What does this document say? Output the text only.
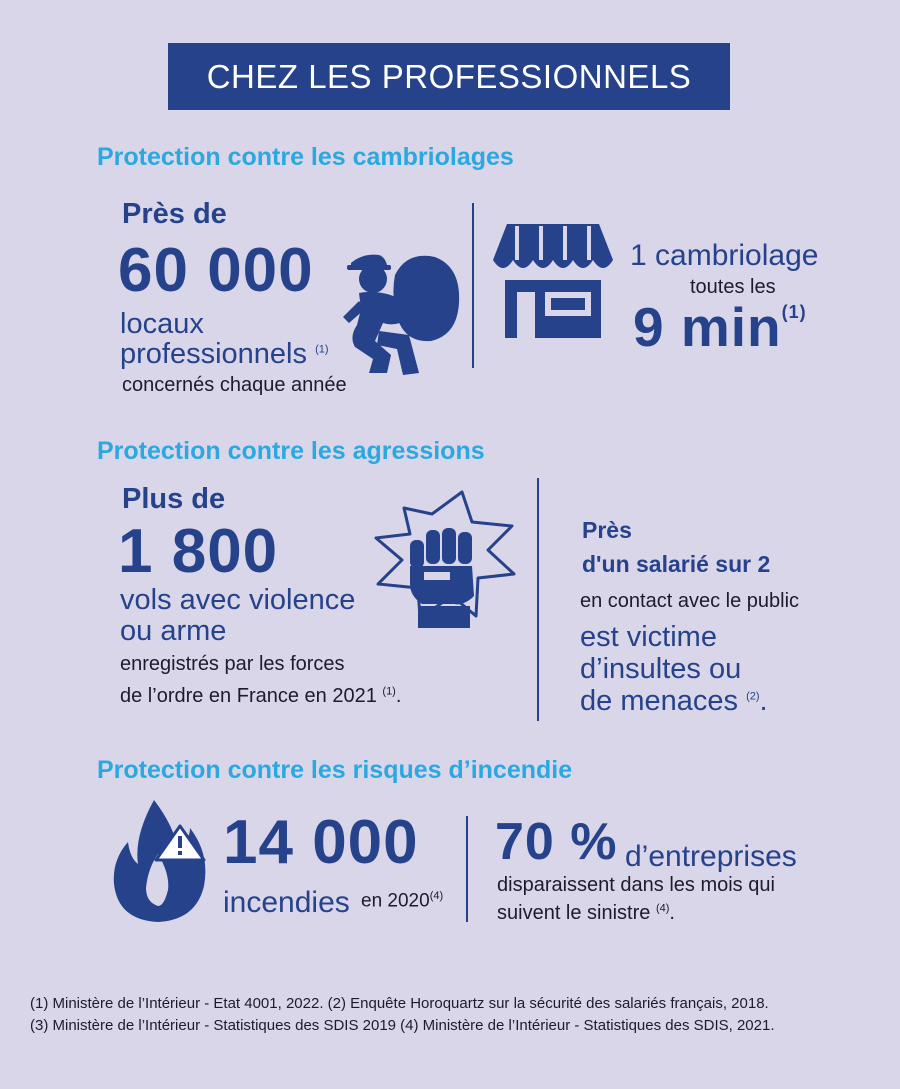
CHEZ LES PROFESSIONNELS
Protection contre les cambriolages
Près de
60 000
locaux
professionnels $^{(1)}$
concernés chaque année
1 cambriolage
toutes les
9 $\min^{(1)}$
Protection contre les agressions
Plus de
1 800
vols avec violence
ou arme
enregistrés par les forces
de l’ordre en France en 2021 $^{(1)}$.
Près
d'un salarié sur 2
en contact avec le public
est victime
d’insultes ou
de menaces $^{(2)}$.
Protection contre les risques d’incendie
14 000
incendies en 2020$^{(4)}$
70 % d’entreprises
disparaissent dans les mois qui
suivent le sinistre $^{(4)}$.
(1) Ministère de l’Intérieur - Etat 4001, 2022. (2) Enquête Horoquartz sur la sécurité des salariés français, 2018.
(3) Ministère de l’Intérieur - Statistiques des SDIS 2019 (4) Ministère de l’Intérieur - Statistiques des SDIS, 2021.
